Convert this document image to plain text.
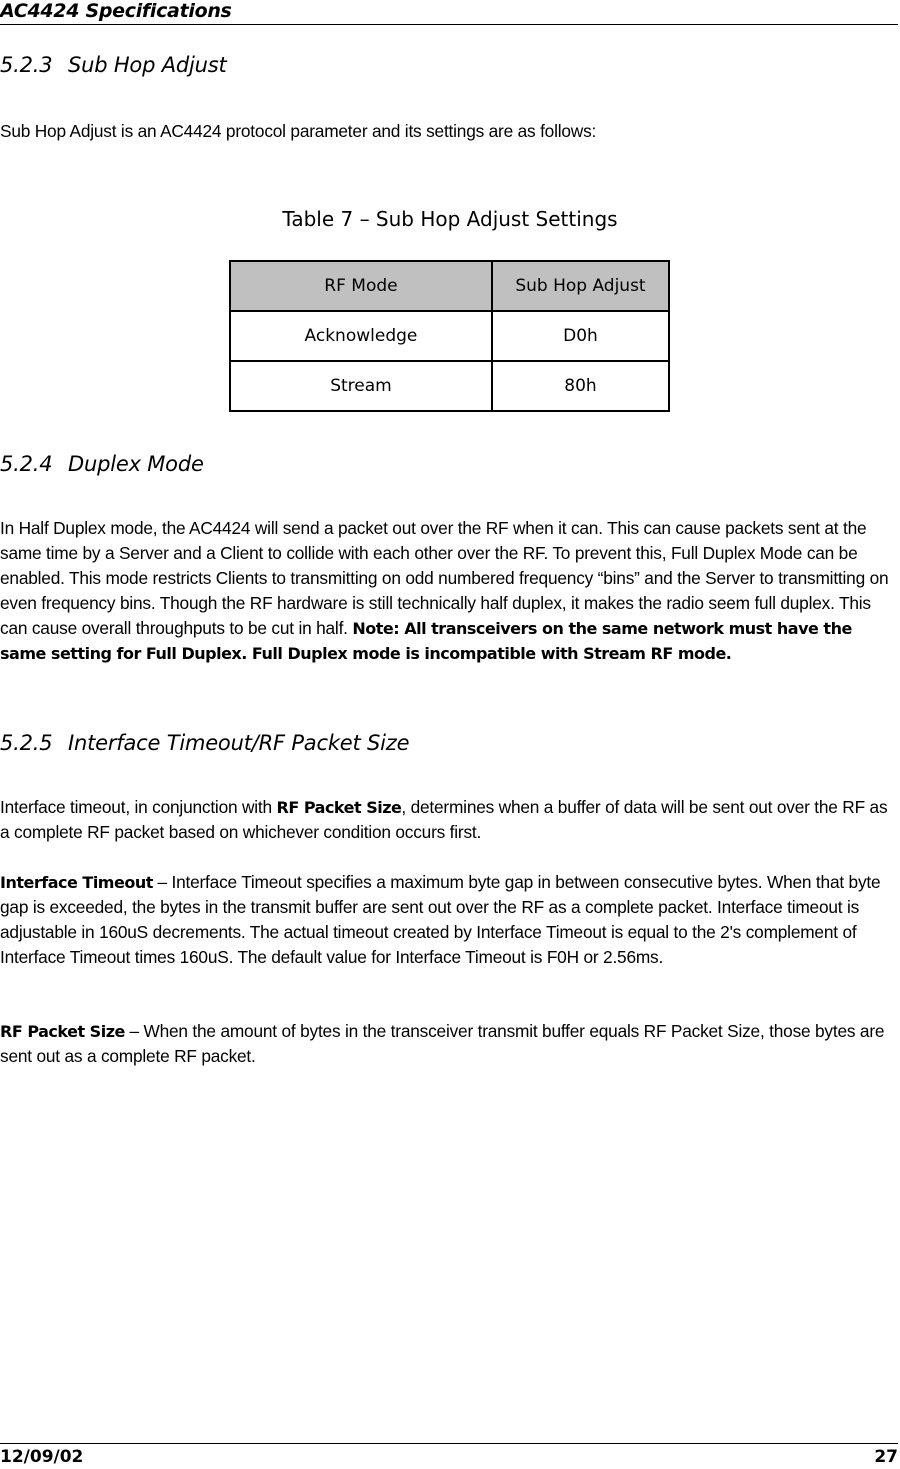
AC4424 Specifications
5.2.3 Sub Hop Adjust

Sub Hop Adjust is an AC4424 protocol parameter and its settings are as follows:

Table 7 – Sub Hop Adjust Settings

RF Mode	Sub Hop Adjust
Acknowledge	D0h
Stream	80h
5.2.4 Duplex Mode

In Half Duplex mode, the AC4424 will send a packet out over the RF when it can. This can cause packets sent at the same time by a Server and a Client to collide with each other over the RF. To prevent this, Full Duplex Mode can be enabled. This mode restricts Clients to transmitting on odd numbered frequency “bins” and the Server to transmitting on even frequency bins. Though the RF hardware is still technically half duplex, it makes the radio seem full duplex. This can cause overall throughputs to be cut in half. Note: All transceivers on the same network must have the same setting for Full Duplex. Full Duplex mode is incompatible with Stream RF mode.

5.2.5 Interface Timeout/RF Packet Size

Interface timeout, in conjunction with RF Packet Size, determines when a buffer of data will be sent out over the RF as a complete RF packet based on whichever condition occurs first.

Interface Timeout – Interface Timeout specifies a maximum byte gap in between consecutive bytes. When that byte gap is exceeded, the bytes in the transmit buffer are sent out over the RF as a complete packet. Interface timeout is adjustable in 160uS decrements. The actual timeout created by Interface Timeout is equal to the 2's complement of Interface Timeout times 160uS. The default value for Interface Timeout is F0H or 2.56ms.

RF Packet Size – When the amount of bytes in the transceiver transmit buffer equals RF Packet Size, those bytes are sent out as a complete RF packet.

12/09/02	27
